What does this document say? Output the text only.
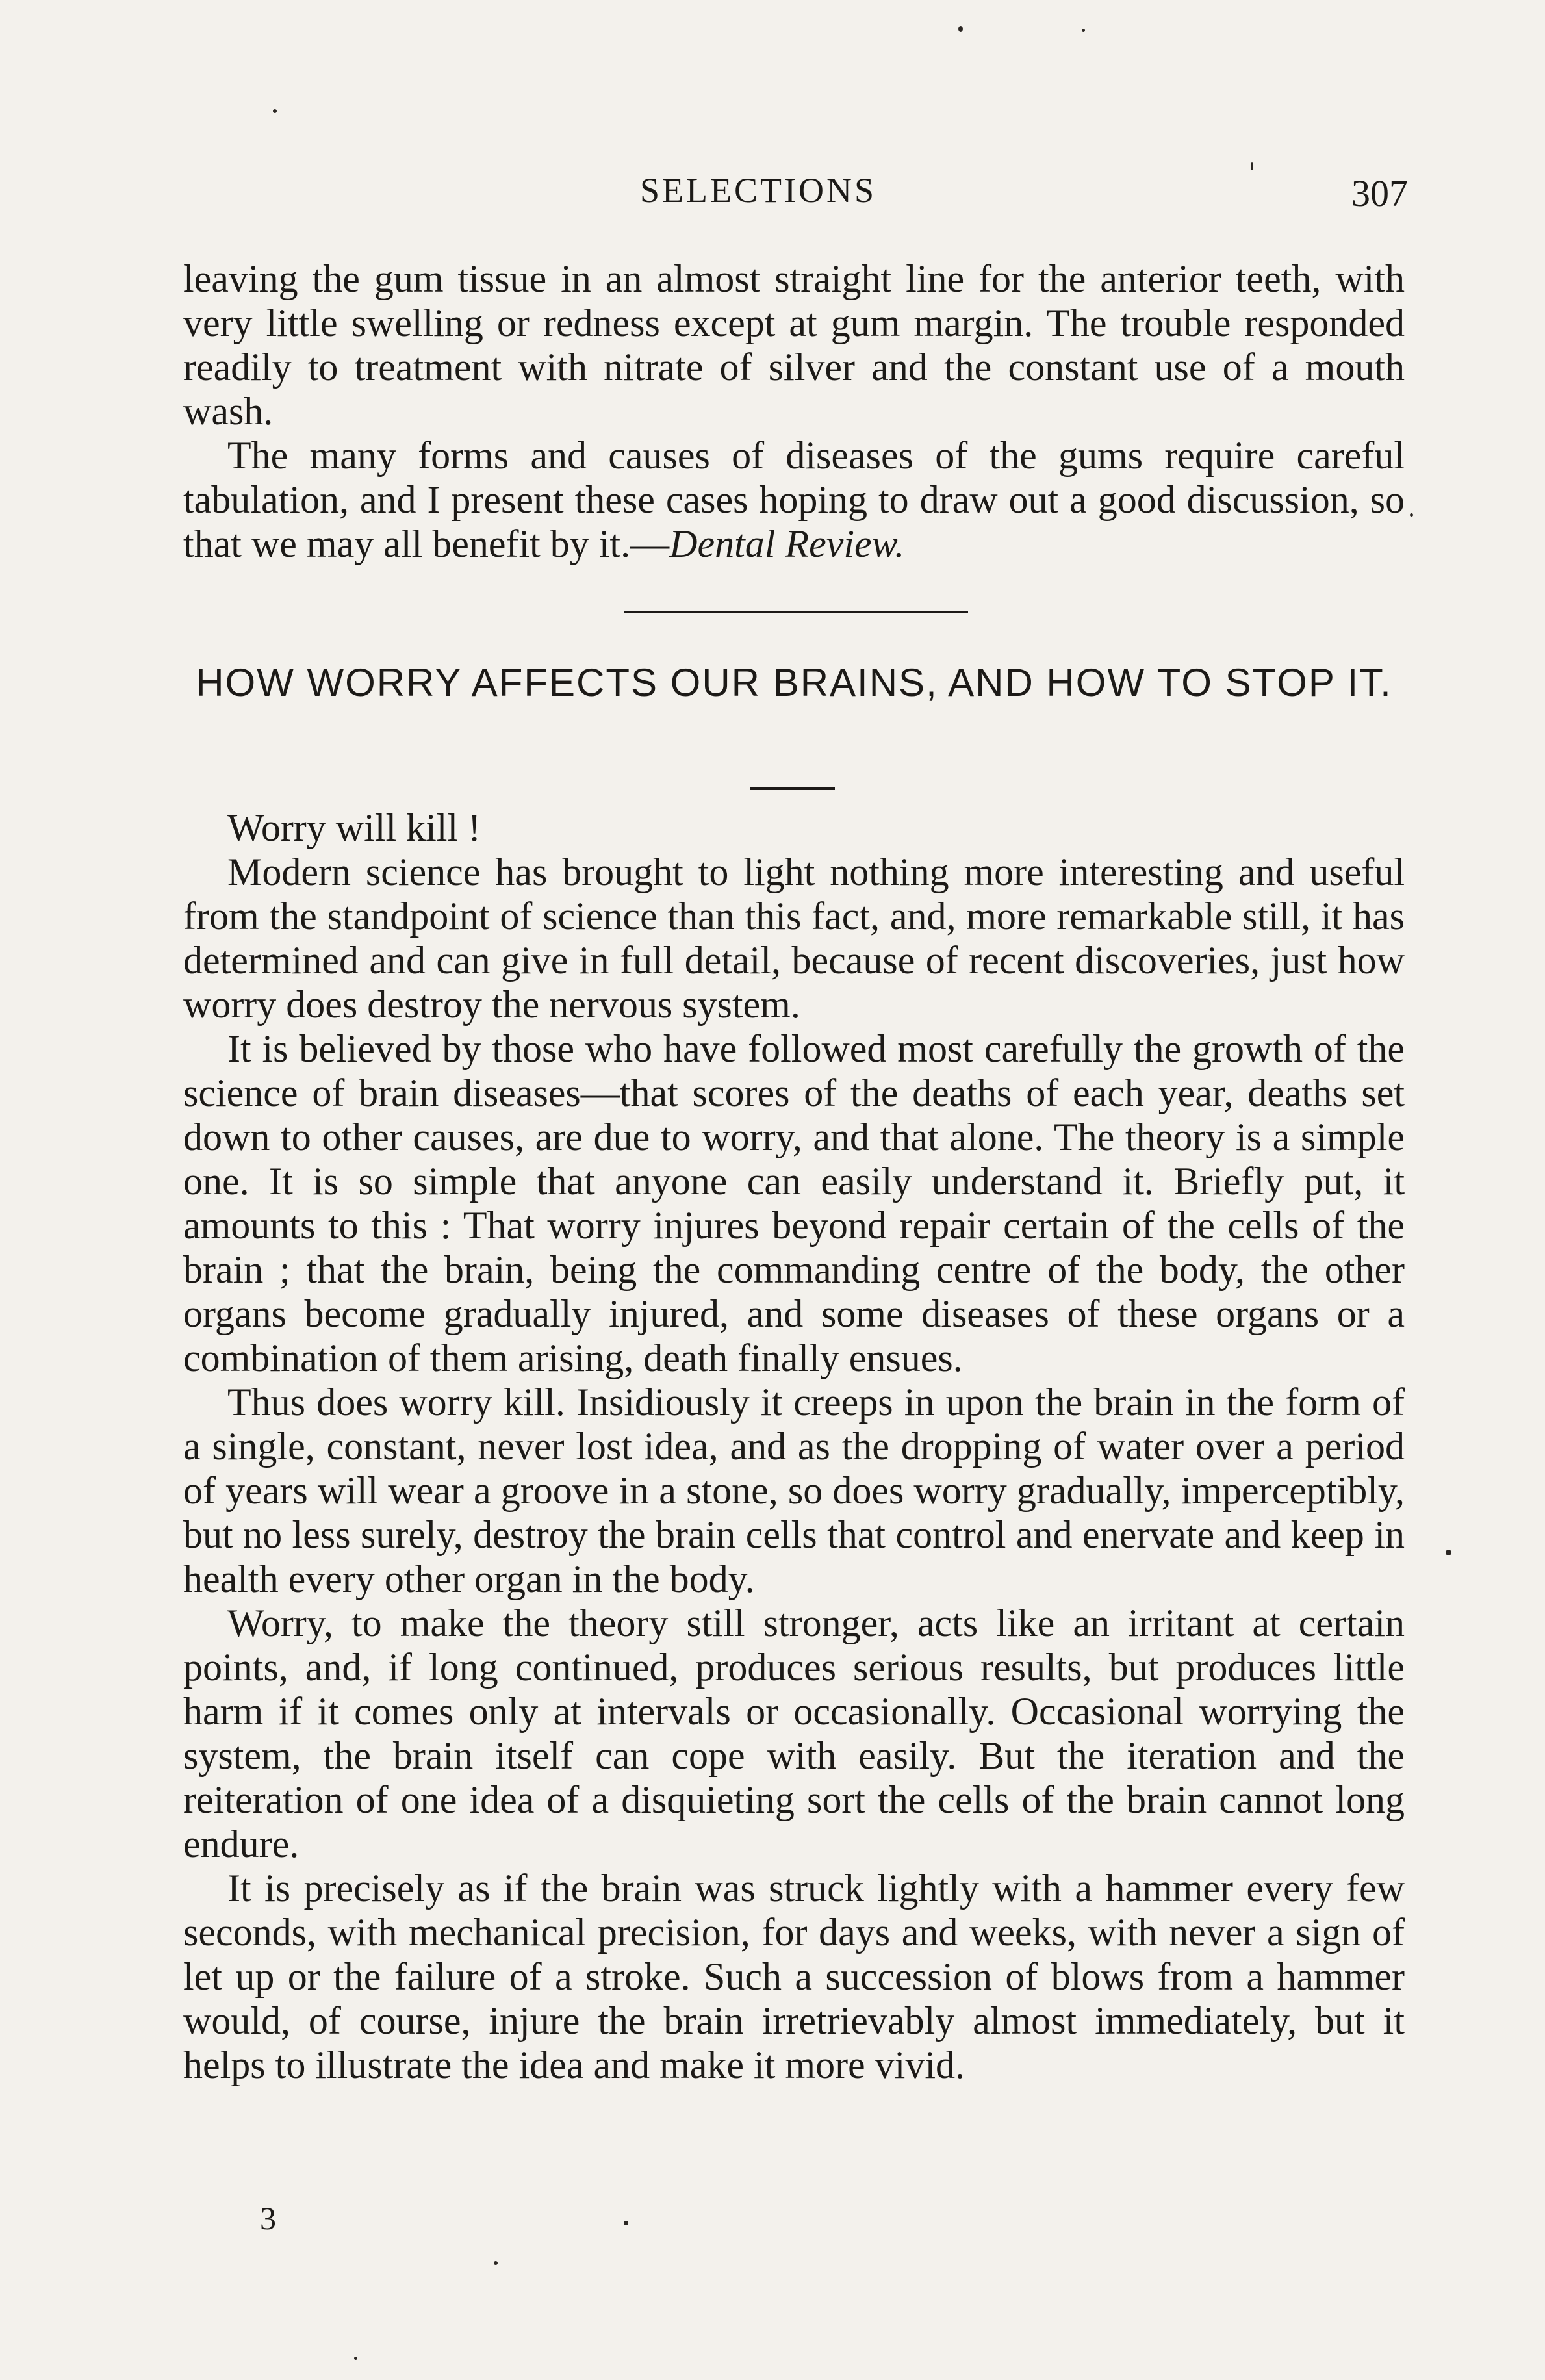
SELECTIONS	307

leaving the gum tissue in an almost straight line for the anterior teeth, with very little swelling or redness except at gum margin. The trouble responded readily to treatment with nitrate of silver and the constant use of a mouth wash.

The many forms and causes of diseases of the gums require careful tabulation, and I present these cases hoping to draw out a good discussion, so that we may all benefit by it.—Dental Review.

HOW WORRY AFFECTS OUR BRAINS, AND HOW TO STOP IT.

Worry will kill !

Modern science has brought to light nothing more interesting and useful from the standpoint of science than this fact, and, more remarkable still, it has determined and can give in full detail, because of recent discoveries, just how worry does destroy the nervous system.

It is believed by those who have followed most carefully the growth of the science of brain diseases—that scores of the deaths of each year, deaths set down to other causes, are due to worry, and that alone. The theory is a simple one. It is so simple that anyone can easily understand it. Briefly put, it amounts to this : That worry injures beyond repair certain of the cells of the brain ; that the brain, being the commanding centre of the body, the other organs become gradually injured, and some diseases of these organs or a combination of them arising, death finally ensues.

Thus does worry kill. Insidiously it creeps in upon the brain in the form of a single, constant, never lost idea, and as the dropping of water over a period of years will wear a groove in a stone, so does worry gradually, imperceptibly, but no less surely, destroy the brain cells that control and enervate and keep in health every other organ in the body.

Worry, to make the theory still stronger, acts like an irritant at certain points, and, if long continued, produces serious results, but produces little harm if it comes only at intervals or occasionally. Occasional worrying the system, the brain itself can cope with easily. But the iteration and the reiteration of one idea of a disquieting sort the cells of the brain cannot long endure.

It is precisely as if the brain was struck lightly with a hammer every few seconds, with mechanical precision, for days and weeks, with never a sign of let up or the failure of a stroke. Such a succession of blows from a hammer would, of course, injure the brain irretrievably almost immediately, but it helps to illustrate the idea and make it more vivid.

3
